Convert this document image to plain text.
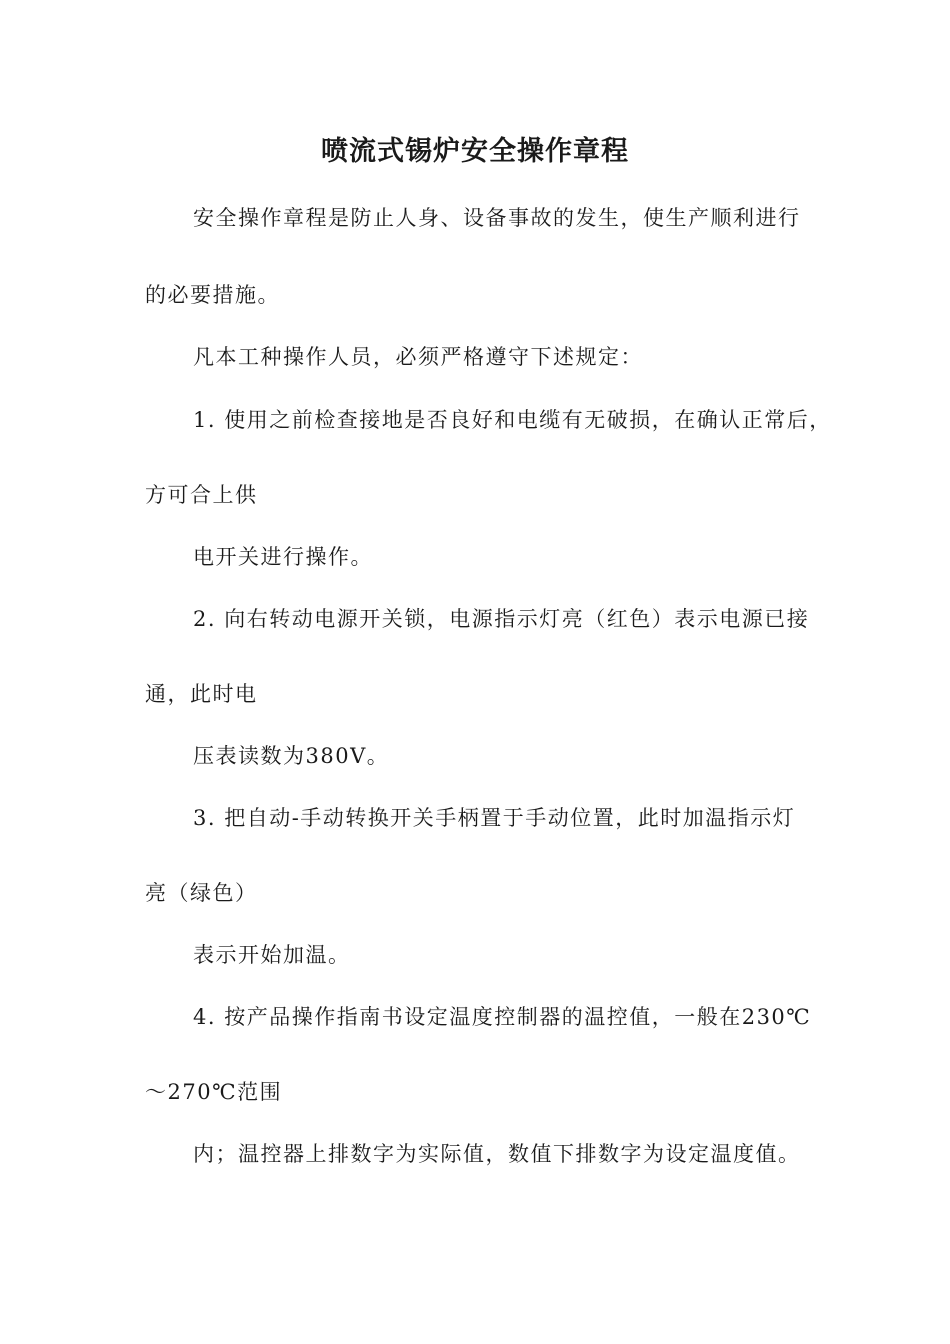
喷流式锡炉安全操作章程
安全操作章程是防止人身、设备事故的发生，使生产顺利进行
的必要措施。
凡本工种操作人员，必须严格遵守下述规定：
1. 使用之前检查接地是否良好和电缆有无破损，在确认正常后，
方可合上供
电开关进行操作。
2. 向右转动电源开关锁，电源指示灯亮（红色）表示电源已接
通，此时电
压表读数为380V。
3. 把自动-手动转换开关手柄置于手动位置，此时加温指示灯
亮（绿色）
表示开始加温。
4. 按产品操作指南书设定温度控制器的温控值，一般在230℃
～270℃范围
内；温控器上排数字为实际值，数值下排数字为设定温度值。
